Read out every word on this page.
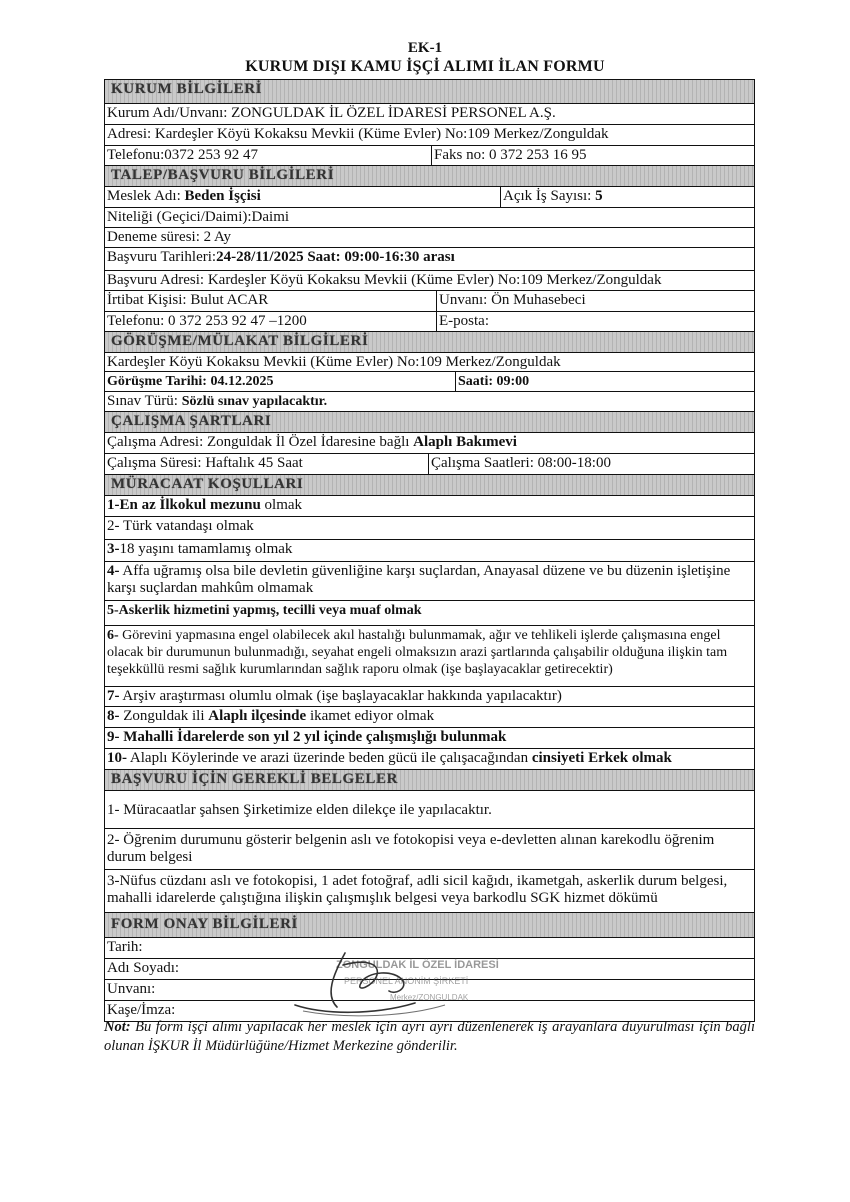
EK-1
KURUM DIŞI KAMU İŞÇİ ALIMI İLAN FORMU
KURUM BİLGİLERİ
Kurum Adı/Unvanı: ZONGULDAK İL ÖZEL İDARESİ PERSONEL A.Ş.
Adresi: Kardeşler Köyü Kokaksu Mevkii (Küme Evler) No:109 Merkez/Zonguldak
Telefonu:0372 253 92 47	Faks no: 0 372 253 16 95
TALEP/BAŞVURU BİLGİLERİ
Meslek Adı: Beden İşçisi	Açık İş Sayısı: 5
Niteliği (Geçici/Daimi):Daimi
Deneme süresi: 2 Ay
Başvuru Tarihleri:24-28/11/2025 Saat: 09:00-16:30 arası
Başvuru Adresi: Kardeşler Köyü Kokaksu Mevkii (Küme Evler) No:109 Merkez/Zonguldak
İrtibat Kişisi: Bulut ACAR	Unvanı: Ön Muhasebeci
Telefonu: 0 372 253 92 47 –1200	E-posta:
GÖRÜŞME/MÜLAKAT BİLGİLERİ
Kardeşler Köyü Kokaksu Mevkii (Küme Evler) No:109 Merkez/Zonguldak
Görüşme Tarihi: 04.12.2025	Saati: 09:00
Sınav Türü: Sözlü sınav yapılacaktır.
ÇALIŞMA ŞARTLARI
Çalışma Adresi: Zonguldak İl Özel İdaresine bağlı Alaplı Bakımevi
Çalışma Süresi: Haftalık 45 Saat	Çalışma Saatleri: 08:00-18:00
MÜRACAAT KOŞULLARI
1-En az İlkokul mezunu olmak
2- Türk vatandaşı olmak
3-18 yaşını tamamlamış olmak
4- Affa uğramış olsa bile devletin güvenliğine karşı suçlardan, Anayasal düzene ve bu düzenin işletişine karşı suçlardan mahkûm olmamak
5-Askerlik hizmetini yapmış, tecilli veya muaf olmak
6- Görevini yapmasına engel olabilecek akıl hastalığı bulunmamak, ağır ve tehlikeli işlerde çalışmasına engel olacak bir durumunun bulunmadığı, seyahat engeli olmaksızın arazi şartlarında çalışabilir olduğuna ilişkin tam teşekküllü resmi sağlık kurumlarından sağlık raporu olmak (işe başlayacaklar getirecektir)
7- Arşiv araştırması olumlu olmak (işe başlayacaklar hakkında yapılacaktır)
8- Zonguldak ili Alaplı ilçesinde ikamet ediyor olmak
9- Mahalli İdarelerde son yıl 2 yıl içinde çalışmışlığı bulunmak
10- Alaplı Köylerinde ve arazi üzerinde beden gücü ile çalışacağından cinsiyeti Erkek olmak
BAŞVURU İÇİN GEREKLİ BELGELER
1- Müracaatlar şahsen Şirketimize elden dilekçe ile yapılacaktır.
2- Öğrenim durumunu gösterir belgenin aslı ve fotokopisi veya e-devletten alınan karekodlu öğrenim durum belgesi
3-Nüfus cüzdanı aslı ve fotokopisi, 1 adet fotoğraf, adli sicil kağıdı, ikametgah, askerlik durum belgesi, mahalli idarelerde çalıştığına ilişkin çalışmışlık belgesi veya barkodlu SGK hizmet dökümü
FORM ONAY BİLGİLERİ
Tarih:
Adı Soyadı:
Unvanı:
Kaşe/İmza:
ZONGULDAK İL ÖZEL İDARESİ
PERSONEL ANONİM ŞİRKETİ
Merkez/ZONGULDAK
Not: Bu form işçi alımı yapılacak her meslek için ayrı ayrı düzenlenerek iş arayanlara duyurulması için bağlı olunan İŞKUR İl Müdürlüğüne/Hizmet Merkezine gönderilir.
